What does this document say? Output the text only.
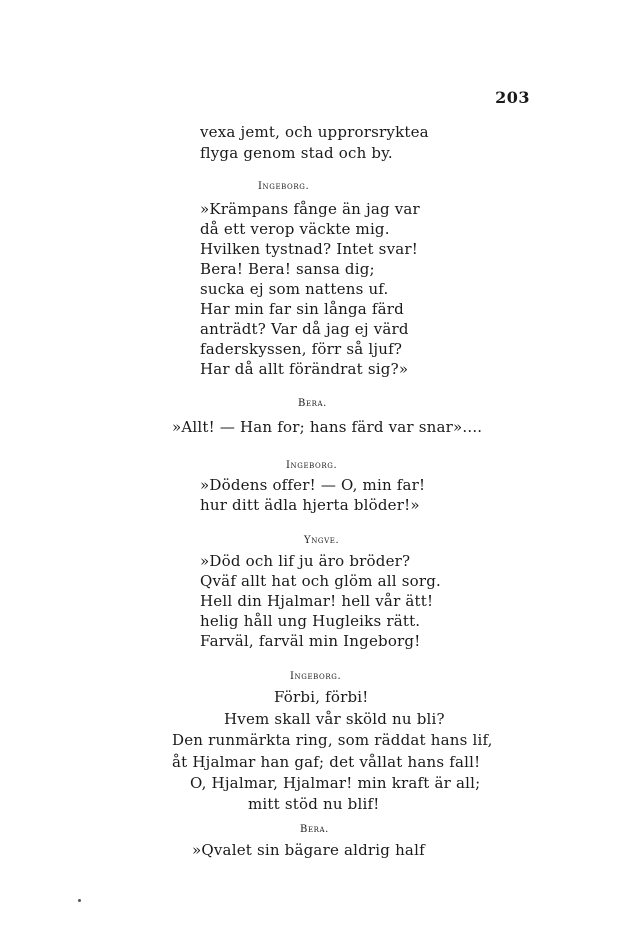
203
vexa jemt, och upprorsryktea
flyga genom stad och by.
Ingeborg.
»Krämpans fånge än jag var
då ett verop väckte mig.
Hvilken tystnad? Intet svar!
Bera! Bera! sansa dig;
sucka ej som nattens uf.
Har min far sin långa färd
anträdt? Var då jag ej värd
faderskyssen, förr så ljuf?
Har då allt förändrat sig?»
Bera.
»Allt! — Han for; hans färd var snar»....
Ingeborg.
»Dödens offer! — O, min far!
hur ditt ädla hjerta blöder!»
Yngve.
»Död och lif ju äro bröder?
Qväf allt hat och glöm all sorg.
Hell din Hjalmar! hell vår ätt!
helig håll ung Hugleiks rätt.
Farväl, farväl min Ingeborg!
Ingeborg.
Förbi, förbi!
Hvem skall vår sköld nu bli?
Den runmärkta ring, som räddat hans lif,
åt Hjalmar han gaf; det vållat hans fall!
O, Hjalmar, Hjalmar! min kraft är all;
mitt stöd nu blif!
Bera.
»Qvalet sin bägare aldrig half
